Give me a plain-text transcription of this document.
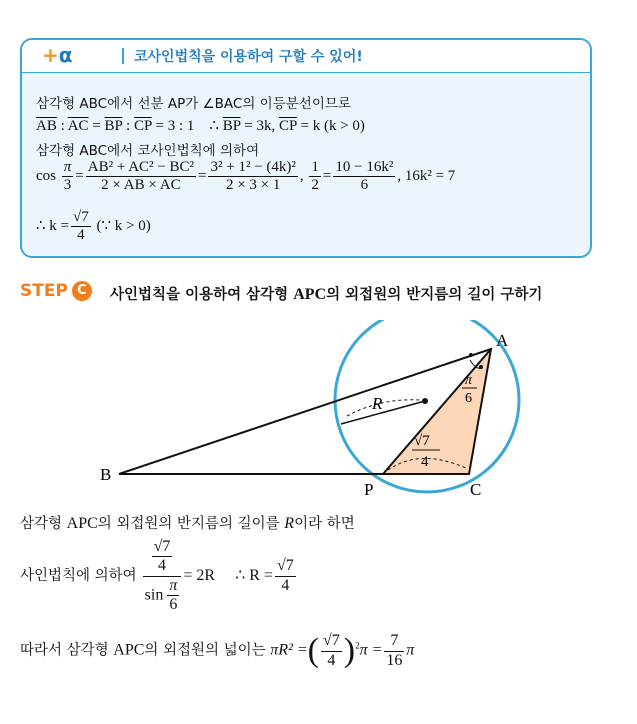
+α	코사인법칙을 이용하여 구할 수 있어!
삼각형 ABC에서 선분 AP가 ∠BAC의 이등분선이므로
$\overline{AB}$ : $\overline{AC} = \overline{BP}$ : $\overline{CP} = 3$ : 1 ∴ $\overline{BP} = 3k$, $\overline{CP} = k$ (k > 0)
삼각형 ABC에서 코사인법칙에 의하여
$\cos \frac{\pi}{3} = \frac{\text{AB² + AC² − BC²}}{2 \times AB \times AC} = \frac{\text{3² + 1² − (4k)²}}{2 \times 3 \times 1}$ , $\frac{1}{2} = \frac{\text{10 − 16k²}}{6}$ , 16k² = 7
∴ $k = \frac{√7}{4}$ (∵ k > 0)
STEP C	사인법칙을 이용하여 삼각형 APC의 외접원의 반지름의 길이 구하기
A
B
P	C
R
π
6
√7
4
삼각형 APC의 외접원의 반지름의 길이를 R이라 하면
사인법칙에 의하여 $\frac{\frac{√7}{4}}{\sin \frac{\pi}{6}} = 2R$ ∴ $R = \frac{√7}{4}$
따라서 삼각형 APC의 외접원의 넓이는 πR² =( $\frac{√7}{4} )^2\pi = \frac{7}{16}$ π
